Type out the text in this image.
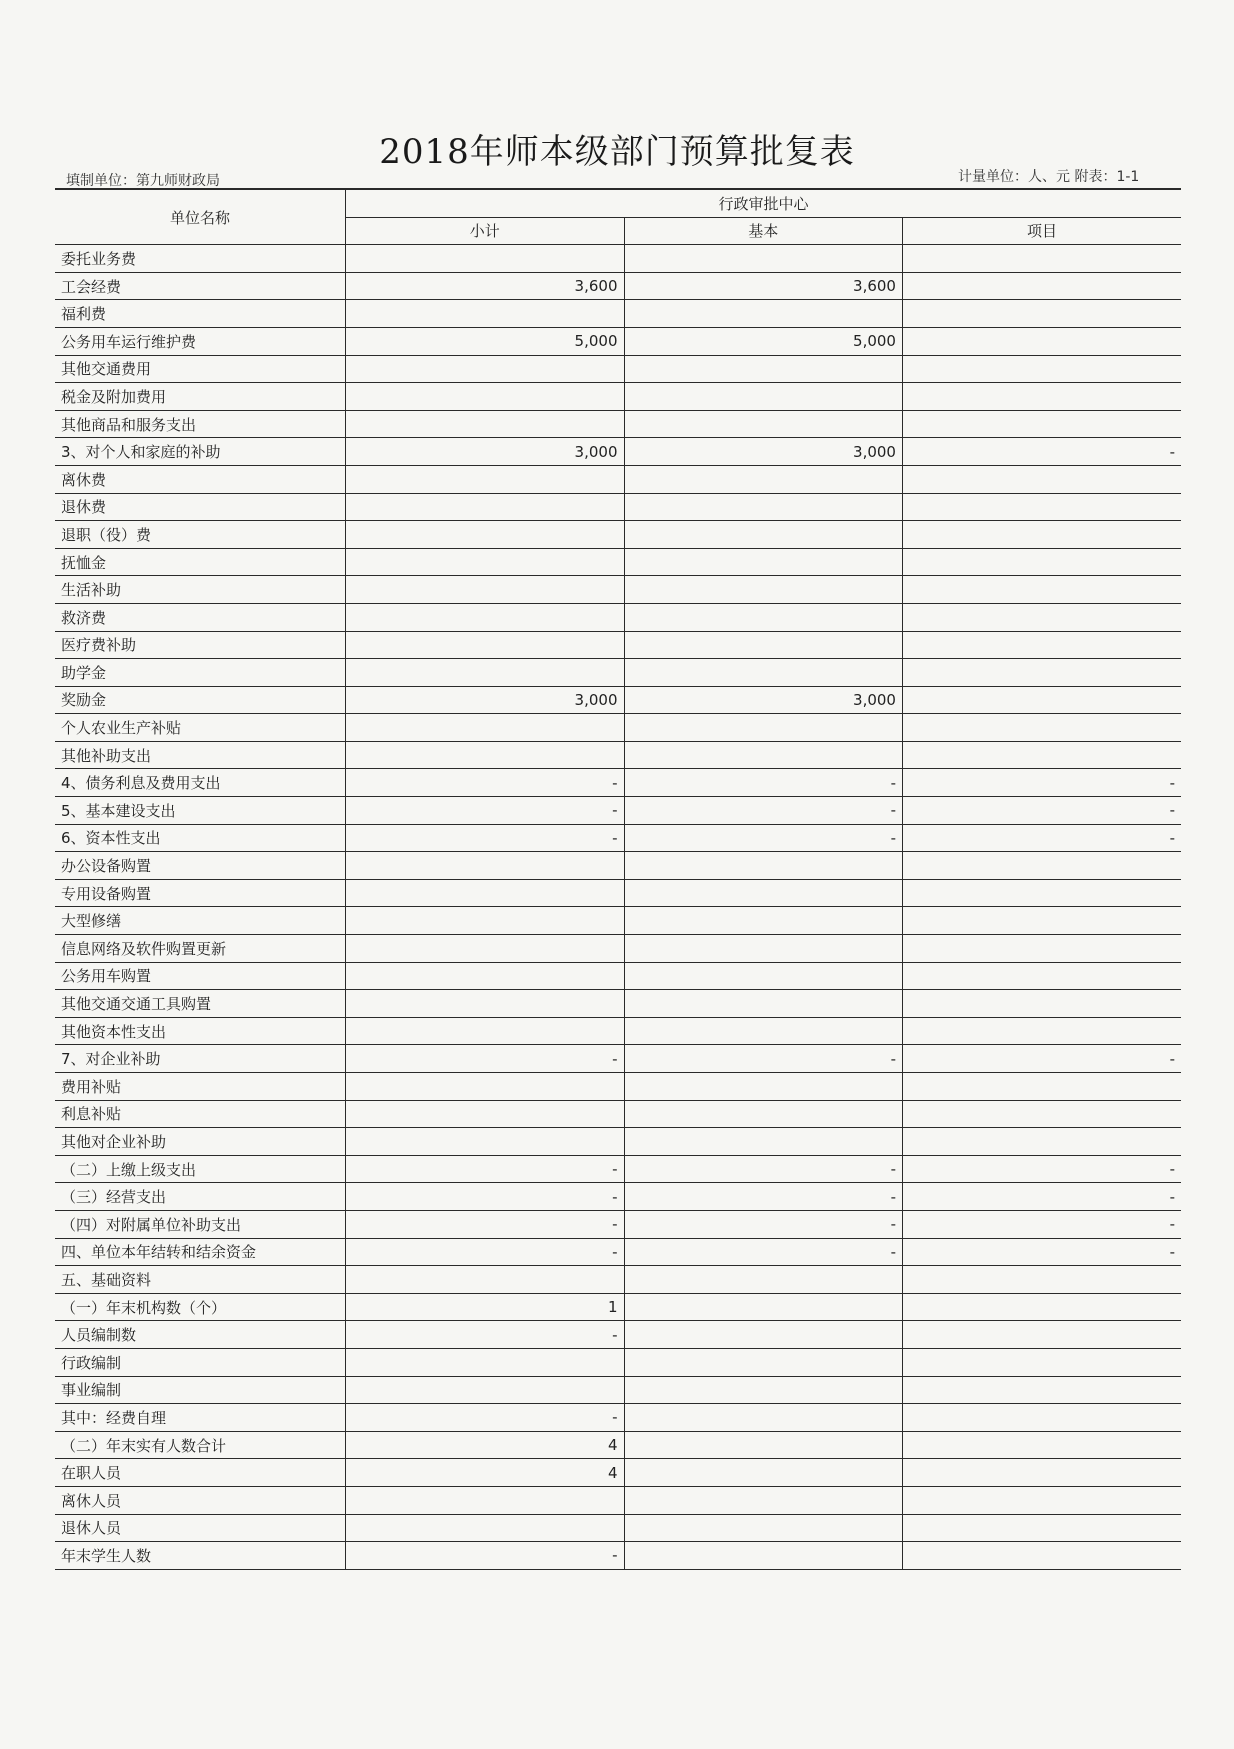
2018年师本级部门预算批复表
填制单位：第九师财政局	计量单位：人、元 附表：1-1
单位名称	行政审批中心		
	小计	基本	项目
委托业务费			
工会经费	3,600	3,600	
福利费			
公务用车运行维护费	5,000	5,000	
其他交通费用			
税金及附加费用			
其他商品和服务支出			
3、对个人和家庭的补助	3,000	3,000	-
离休费			
退休费			
退职（役）费			
抚恤金			
生活补助			
救济费			
医疗费补助			
助学金			
奖励金	3,000	3,000	
个人农业生产补贴			
其他补助支出			
4、债务利息及费用支出	-	-	-
5、基本建设支出	-	-	-
6、资本性支出	-	-	-
办公设备购置			
专用设备购置			
大型修缮			
信息网络及软件购置更新			
公务用车购置			
其他交通交通工具购置			
其他资本性支出			
7、对企业补助	-	-	-
费用补贴			
利息补贴			
其他对企业补助			
（二）上缴上级支出	-	-	-
（三）经营支出	-	-	-
（四）对附属单位补助支出	-	-	-
四、单位本年结转和结余资金	-	-	-
五、基础资料			
（一）年末机构数（个）	1		
人员编制数	-		
行政编制			
事业编制			
其中：经费自理	-		
（二）年末实有人数合计	4		
在职人员	4		
离休人员			
退休人员			
年末学生人数	-		
